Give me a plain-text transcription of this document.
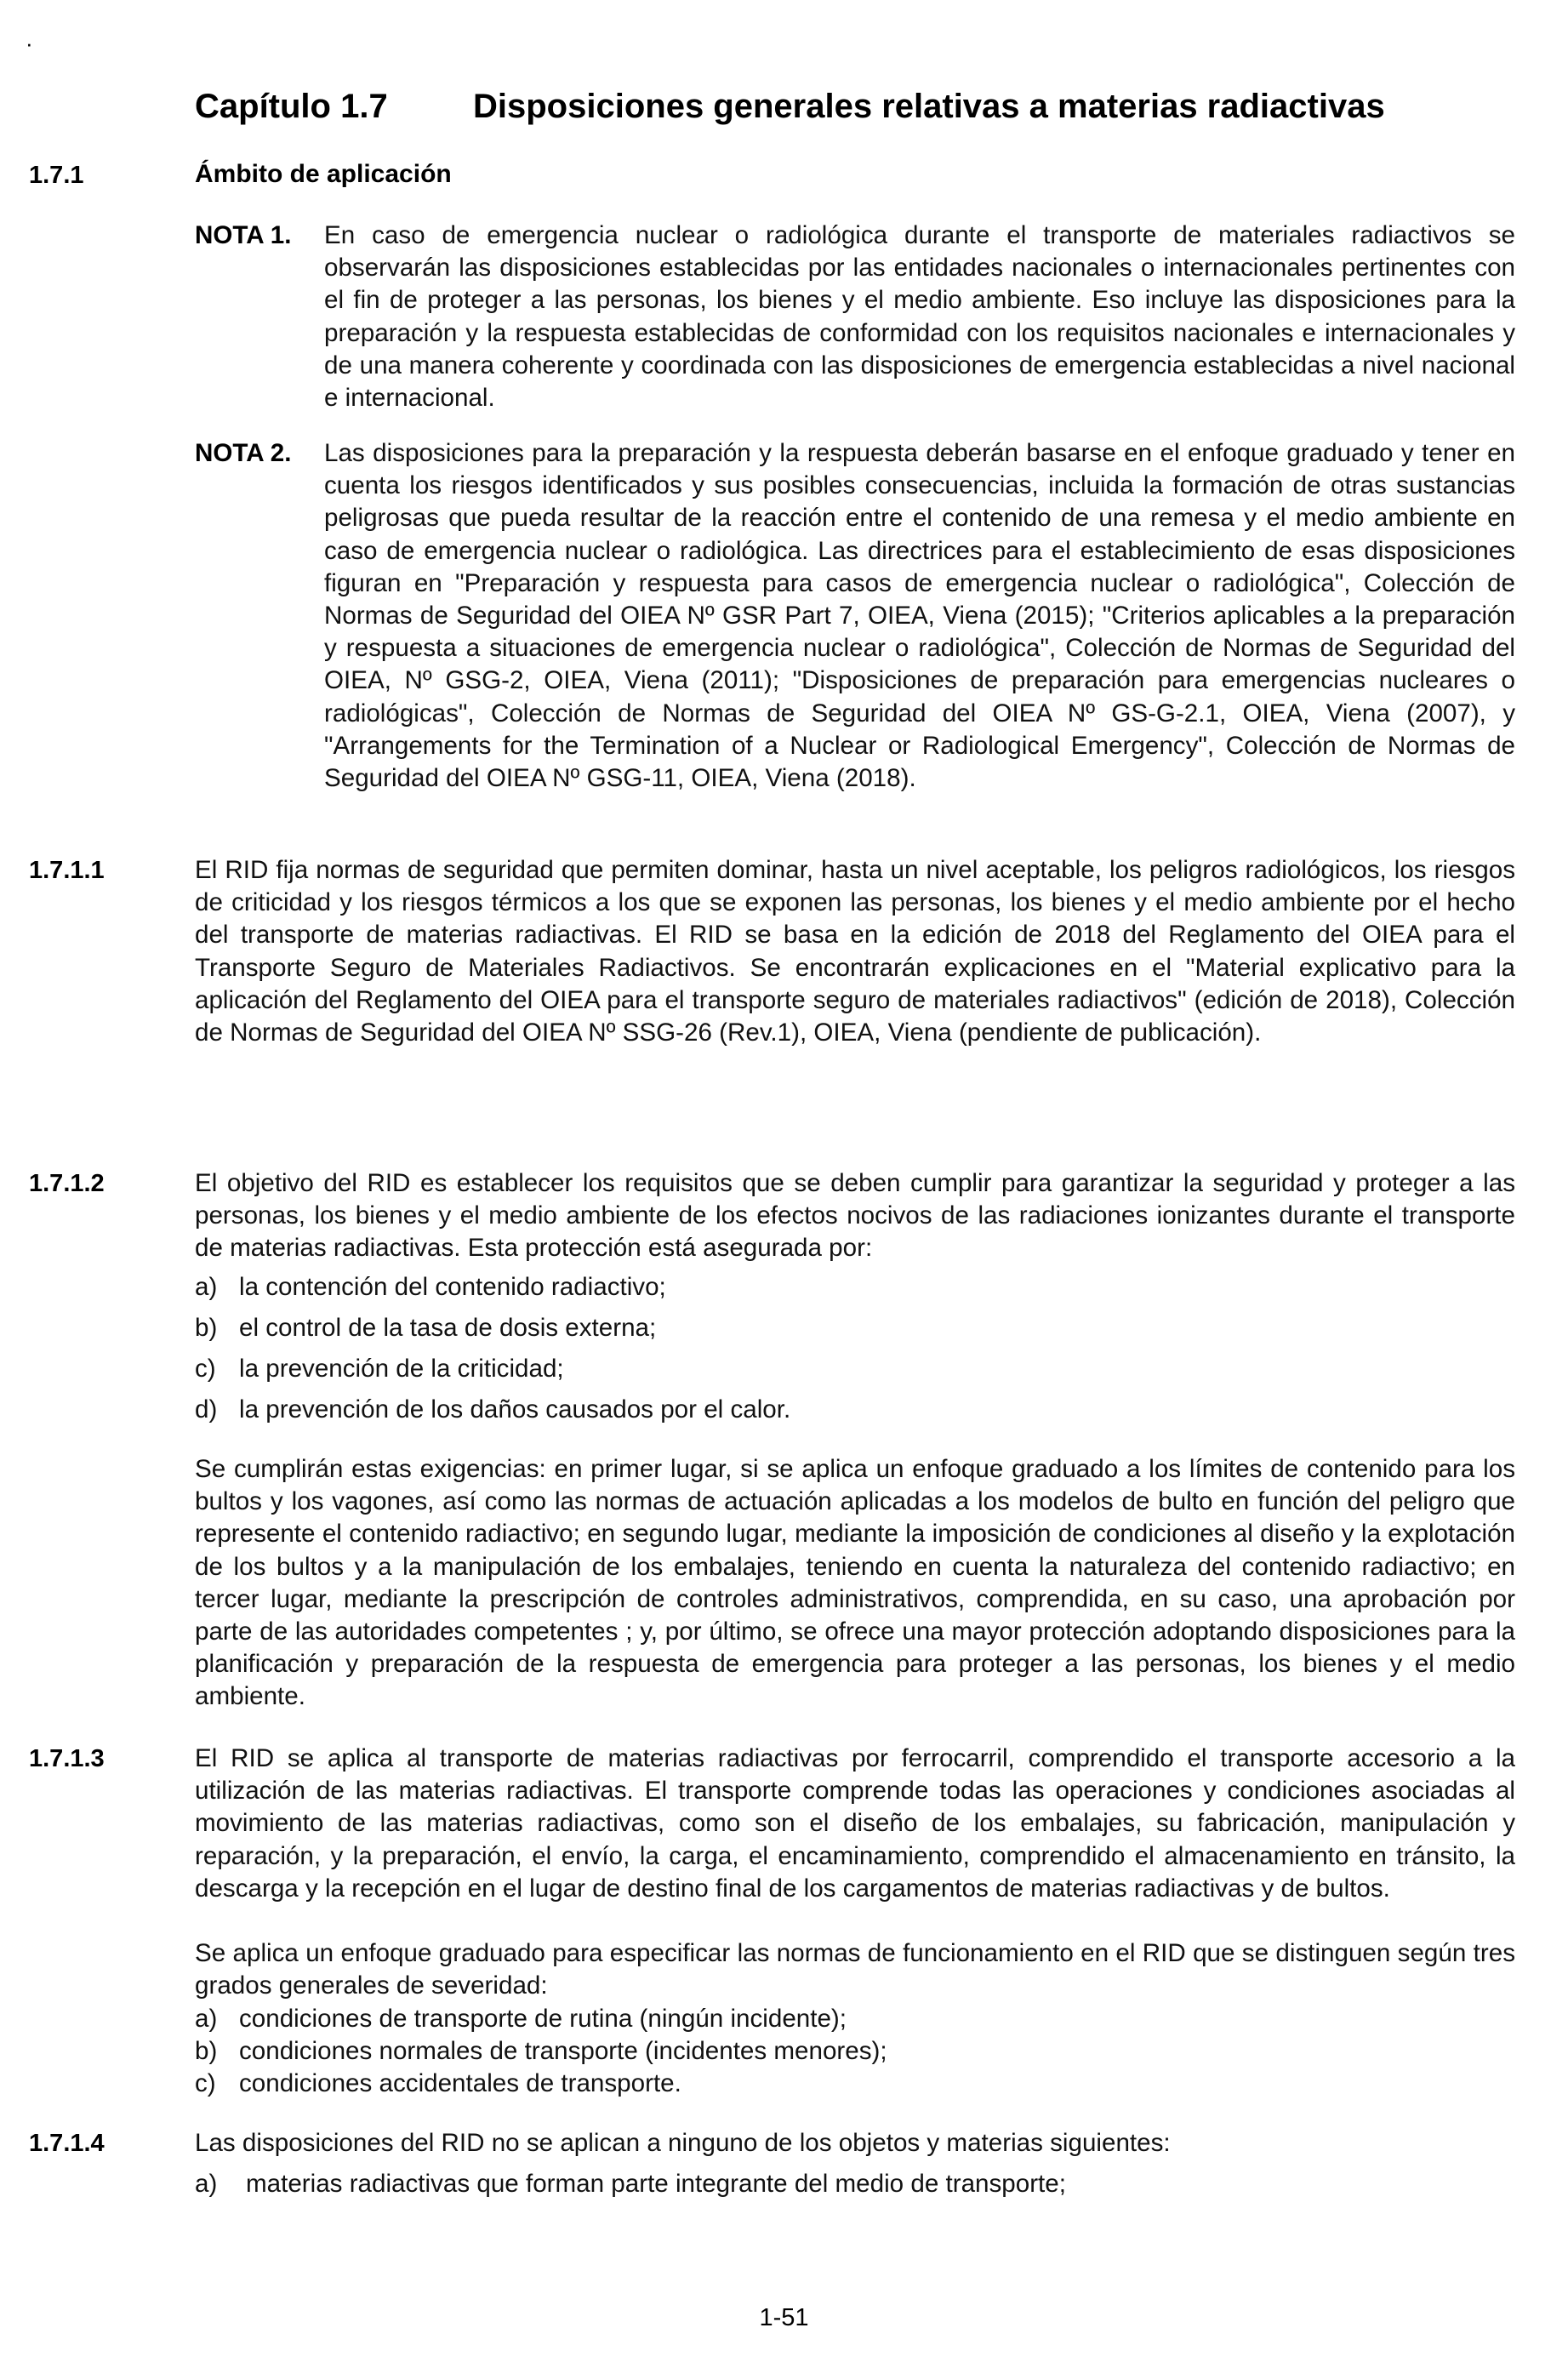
·
Capítulo 1.7	Disposiciones generales relativas a materias radiactivas
1.7.1	Ámbito de aplicación
NOTA 1. En caso de emergencia nuclear o radiológica durante el transporte de materiales radiactivos se observarán las disposiciones establecidas por las entidades nacionales o internacionales pertinentes con el fin de proteger a las personas, los bienes y el medio ambiente. Eso incluye las disposiciones para la preparación y la respuesta establecidas de conformidad con los requisitos nacionales e internacionales y de una manera coherente y coordinada con las disposiciones de emergencia establecidas a nivel nacional e internacional.

NOTA 2. Las disposiciones para la preparación y la respuesta deberán basarse en el enfoque graduado y tener en cuenta los riesgos identificados y sus posibles consecuencias, incluida la formación de otras sustancias peligrosas que pueda resultar de la reacción entre el contenido de una remesa y el medio ambiente en caso de emergencia nuclear o radiológica. Las directrices para el establecimiento de esas disposiciones figuran en "Preparación y respuesta para casos de emergencia nuclear o radiológica", Colección de Normas de Seguridad del OIEA Nº GSR Part 7, OIEA, Viena (2015); "Criterios aplicables a la preparación y respuesta a situaciones de emergencia nuclear o radiológica", Colección de Normas de Seguridad del OIEA, Nº GSG-2, OIEA, Viena (2011); "Disposiciones de preparación para emergencias nucleares o radiológicas", Colección de Normas de Seguridad del OIEA Nº GS-G-2.1, OIEA, Viena (2007), y "Arrangements for the Termination of a Nuclear or Radiological Emergency", Colección de Normas de Seguridad del OIEA Nº GSG-11, OIEA, Viena (2018).

1.7.1.1	El RID fija normas de seguridad que permiten dominar, hasta un nivel aceptable, los peligros radiológicos, los riesgos de criticidad y los riesgos térmicos a los que se exponen las personas, los bienes y el medio ambiente por el hecho del transporte de materias radiactivas. El RID se basa en la edición de 2018 del Reglamento del OIEA para el Transporte Seguro de Materiales Radiactivos. Se encontrarán explicaciones en el "Material explicativo para la aplicación del Reglamento del OIEA para el transporte seguro de materiales radiactivos" (edición de 2018), Colección de Normas de Seguridad del OIEA Nº SSG-26 (Rev.1), OIEA, Viena (pendiente de publicación).

1.7.1.2	El objetivo del RID es establecer los requisitos que se deben cumplir para garantizar la seguridad y proteger a las personas, los bienes y el medio ambiente de los efectos nocivos de las radiaciones ionizantes durante el transporte de materias radiactivas. Esta protección está asegurada por:

a) la contención del contenido radiactivo;
b) el control de la tasa de dosis externa;
c) la prevención de la criticidad;
d) la prevención de los daños causados por el calor.

Se cumplirán estas exigencias: en primer lugar, si se aplica un enfoque graduado a los límites de contenido para los bultos y los vagones, así como las normas de actuación aplicadas a los modelos de bulto en función del peligro que represente el contenido radiactivo; en segundo lugar, mediante la imposición de condiciones al diseño y la explotación de los bultos y a la manipulación de los embalajes, teniendo en cuenta la naturaleza del contenido radiactivo; en tercer lugar, mediante la prescripción de controles administrativos, comprendida, en su caso, una aprobación por parte de las autoridades competentes ; y, por último, se ofrece una mayor protección adoptando disposiciones para la planificación y preparación de la respuesta de emergencia para proteger a las personas, los bienes y el medio ambiente.

1.7.1.3	El RID se aplica al transporte de materias radiactivas por ferrocarril, comprendido el transporte accesorio a la utilización de las materias radiactivas. El transporte comprende todas las operaciones y condiciones asociadas al movimiento de las materias radiactivas, como son el diseño de los embalajes, su fabricación, manipulación y reparación, y la preparación, el envío, la carga, el encaminamiento, comprendido el almacenamiento en tránsito, la descarga y la recepción en el lugar de destino final de los cargamentos de materias radiactivas y de bultos.

Se aplica un enfoque graduado para especificar las normas de funcionamiento en el RID que se distinguen según tres grados generales de severidad:

a) condiciones de transporte de rutina (ningún incidente);
b) condiciones normales de transporte (incidentes menores);
c) condiciones accidentales de transporte.
1.7.1.4	Las disposiciones del RID no se aplican a ninguno de los objetos y materias siguientes:

a) materias radiactivas que forman parte integrante del medio de transporte;
1-51
